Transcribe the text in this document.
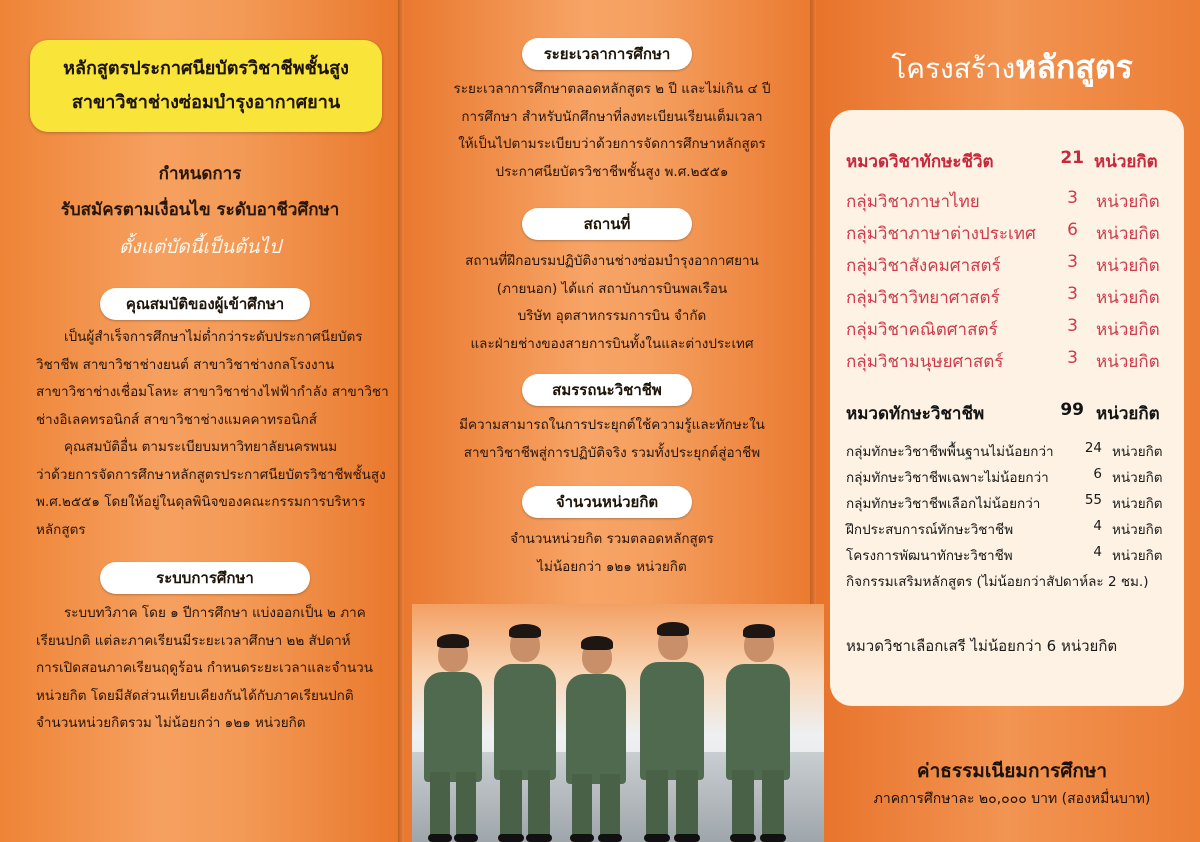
หลักสูตรประกาศนียบัตรวิชาชีพชั้นสูง
สาขาวิชาช่างซ่อมบำรุงอากาศยาน
กำหนดการ
รับสมัครตามเงื่อนไข ระดับอาชีวศึกษา
ตั้งแต่บัดนี้เป็นต้นไป
คุณสมบัติของผู้เข้าศึกษา

เป็นผู้สำเร็จการศึกษาไม่ต่ำกว่าระดับประกาศนียบัตร

วิชาชีพ สาขาวิชาช่างยนต์ สาขาวิชาช่างกลโรงงาน

สาขาวิชาช่างเชื่อมโลหะ สาขาวิชาช่างไฟฟ้ากำลัง สาขาวิชา

ช่างอิเลคทรอนิกส์ สาขาวิชาช่างแมคคาทรอนิกส์

คุณสมบัติอื่น ตามระเบียบมหาวิทยาลัยนครพนม

ว่าด้วยการจัดการศึกษาหลักสูตรประกาศนียบัตรวิชาชีพชั้นสูง

พ.ศ.๒๕๕๑ โดยให้อยู่ในดุลพินิจของคณะกรรมการบริหาร

หลักสูตร

ระบบการศึกษา

ระบบทวิภาค โดย ๑ ปีการศึกษา แบ่งออกเป็น ๒ ภาค

เรียนปกติ แต่ละภาคเรียนมีระยะเวลาศึกษา ๒๒ สัปดาห์

การเปิดสอนภาคเรียนฤดูร้อน กำหนดระยะเวลาและจำนวน

หน่วยกิต โดยมีสัดส่วนเทียบเคียงกันได้กับภาคเรียนปกติ

จำนวนหน่วยกิตรวม ไม่น้อยกว่า ๑๒๑ หน่วยกิต

ระยะเวลาการศึกษา

ระยะเวลาการศึกษาตลอดหลักสูตร ๒ ปี และไม่เกิน ๔ ปี

การศึกษา สำหรับนักศึกษาที่ลงทะเบียนเรียนเต็มเวลา

ให้เป็นไปตามระเบียบว่าด้วยการจัดการศึกษาหลักสูตร

ประกาศนียบัตรวิชาชีพชั้นสูง พ.ศ.๒๕๕๑

สถานที่

สถานที่ฝึกอบรมปฏิบัติงานช่างซ่อมบำรุงอากาศยาน

(ภายนอก) ได้แก่ สถาบันการบินพลเรือน

บริษัท อุตสาหกรรมการบิน จำกัด

และฝ่ายช่างของสายการบินทั้งในและต่างประเทศ

สมรรถนะวิชาชีพ

มีความสามารถในการประยุกต์ใช้ความรู้และทักษะใน

สาขาวิชาชีพสู่การปฏิบัติจริง รวมทั้งประยุกต์สู่อาชีพ

จำนวนหน่วยกิต

จำนวนหน่วยกิต รวมตลอดหลักสูตร

ไม่น้อยกว่า ๑๒๑ หน่วยกิต

โครงสร้างหลักสูตร
หมวดวิชาทักษะชีวิต	21 หน่วยกิต
กลุ่มวิชาภาษาไทย	3 หน่วยกิต
กลุ่มวิชาภาษาต่างประเทศ	6 หน่วยกิต
กลุ่มวิชาสังคมศาสตร์	3 หน่วยกิต
กลุ่มวิชาวิทยาศาสตร์	3 หน่วยกิต
กลุ่มวิชาคณิตศาสตร์	3 หน่วยกิต
กลุ่มวิชามนุษยศาสตร์	3 หน่วยกิต
หมวดทักษะวิชาชีพ	99 หน่วยกิต
กลุ่มทักษะวิชาชีพพื้นฐานไม่น้อยกว่า	24 หน่วยกิต
กลุ่มทักษะวิชาชีพเฉพาะไม่น้อยกว่า	6 หน่วยกิต
กลุ่มทักษะวิชาชีพเลือกไม่น้อยกว่า	55 หน่วยกิต
ฝึกประสบการณ์ทักษะวิชาชีพ	4 หน่วยกิต
โครงการพัฒนาทักษะวิชาชีพ	4 หน่วยกิต
กิจกรรมเสริมหลักสูตร (ไม่น้อยกว่าสัปดาห์ละ 2 ชม.)
หมวดวิชาเลือกเสรี ไม่น้อยกว่า 6 หน่วยกิต
ค่าธรรมเนียมการศึกษา
ภาคการศึกษาละ ๒๐,๐๐๐ บาท (สองหมื่นบาท)
